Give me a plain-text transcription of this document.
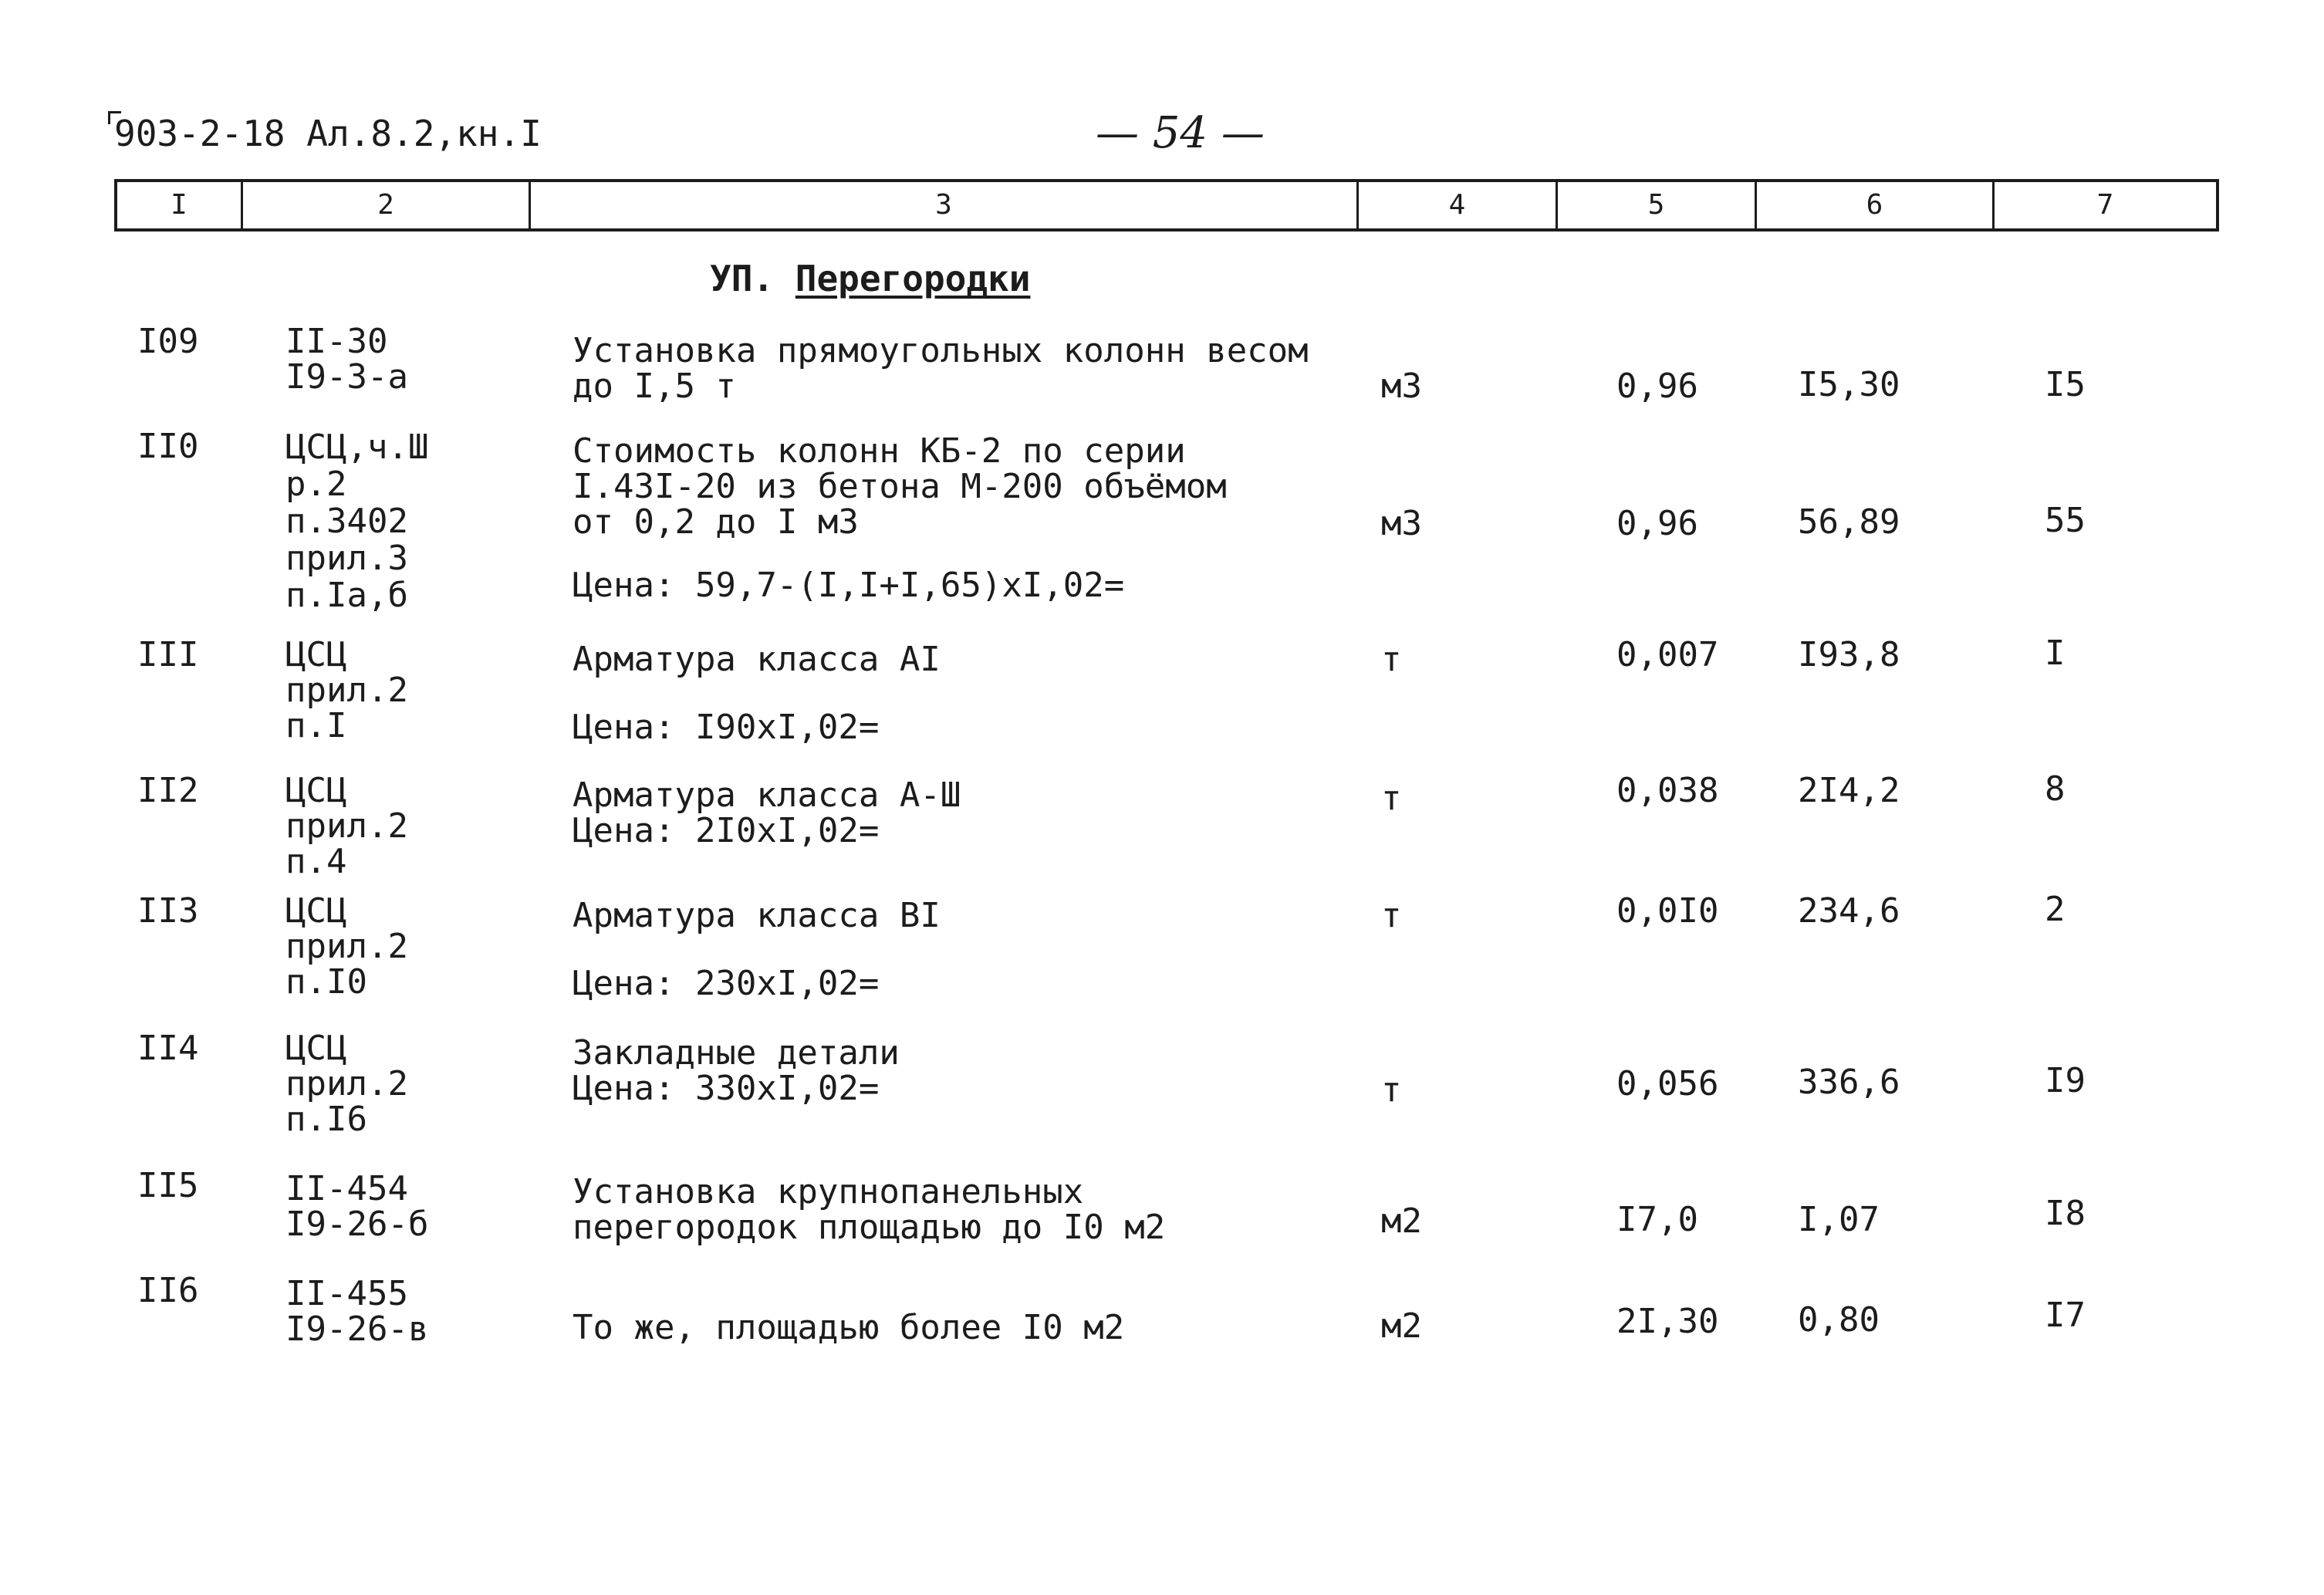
903-2-18 Ал.8.2,кн.I	— 54 —
I	2	3	4	5	6	7
УП. Перегородки
I09	II-30
I9-3-а
Установка прямоугольных колонн весом
до I,5 т	м3	0,96	I5,30	I5
II0	ЦСЦ,ч.Ш
р.2
п.3402
прил.3
п.Iа,б
Стоимость колонн КБ-2 по серии
I.43I-20 из бетона М-200 объёмом
от 0,2 до I м3
Цена: 59,7-(I,I+I,65)хI,02=
м3	0,96	56,89	55
III	ЦСЦ
прил.2
п.I
Арматура класса АI
Цена: I90хI,02=
т	0,007 I93,8	I
II2	ЦСЦ
прил.2
п.4
Арматура класса А-Ш
Цена: 2I0хI,02=
т	0,038 2I4,2	8
II3	ЦСЦ
прил.2
п.I0
Арматура класса ВI
Цена: 230хI,02=
т	0,0I0 234,6	2
II4	ЦСЦ
прил.2
п.I6
Закладные детали
Цена: 330хI,02=	т	0,056 336,6	I9
II5	II-454
I9-26-б
Установка крупнопанельных
перегородок площадью до I0 м2	м2	I7,0	I,07	I8
II6	II-455
I9-26-в	То же, площадью более I0 м2	м2	2I,30 0,80	I7
